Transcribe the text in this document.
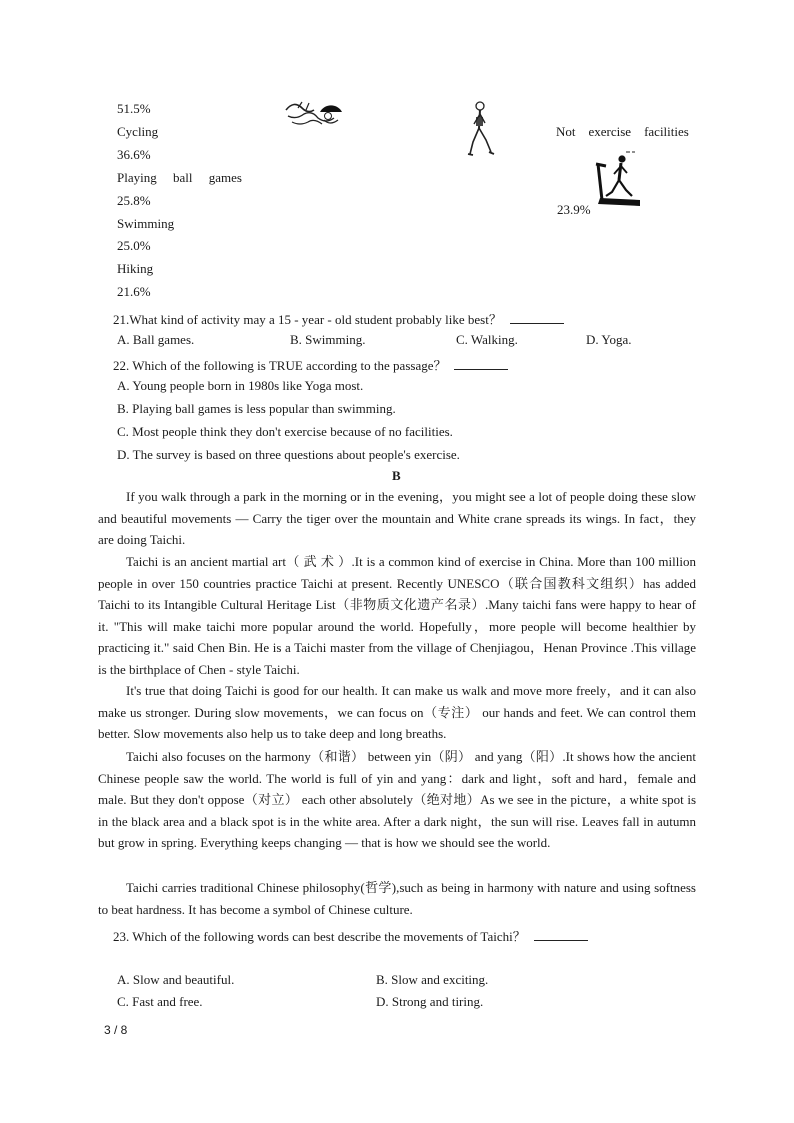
51.5%
Cycling
36.6%
Playing     ball     games
25.8%
Swimming
25.0%
Hiking
21.6%
Not    exercise    facilities
23.9%
21.What kind of activity may a 15 - year - old student probably like best？
A. Ball games.	B. Swimming.	C. Walking.	D. Yoga.
22. Which of the following is TRUE according to the passage？
A. Young people born in 1980s like Yoga most.
B. Playing ball games is less popular than swimming.
C. Most people think they don't exercise because of no facilities.
D. The survey is based on three questions about people's exercise.
B
If you walk through a park in the morning or in the evening，you might see a lot of people doing these slow and beautiful movements — Carry the tiger over the mountain and White crane spreads its wings. In fact，they are doing Taichi.
Taichi is an ancient martial art（ 武 术 ）.It is a common kind of exercise in China. More than 100 million people in over 150 countries practice Taichi at present. Recently UNESCO（联合国教科文组织）has added Taichi to its Intangible Cultural Heritage List（非物质文化遗产名录）.Many taichi fans were happy to hear of it. "This will make taichi more popular around the world. Hopefully，more people will become healthier by practicing it." said Chen Bin. He is a Taichi master from the village of Chenjiagou，Henan Province .This village is the birthplace of Chen - style Taichi.
It's true that doing Taichi is good for our health. It can make us walk and move more freely，and it can also make us stronger. During slow movements，we can focus on（专注） our hands and feet. We can control them better. Slow movements also help us to take deep and long breaths.
Taichi also focuses on the harmony（和谐） between yin（阴） and yang（阳）.It shows how the ancient Chinese people saw the world. The world is full of yin and yang：dark and light，soft and hard，female and male. But they don't oppose（对立） each other absolutely（绝对地）As we see in the picture，a white spot is in the black area and a black spot is in the white area. After a dark night，the sun will rise. Leaves fall in autumn but grow in spring. Everything keeps changing — that is how we should see the world.
Taichi carries traditional Chinese philosophy(哲学),such as being in harmony with nature and using softness to beat hardness. It has become a symbol of Chinese culture.
23. Which of the following words can best describe the movements of Taichi？
A. Slow and beautiful.	B. Slow and exciting.
C. Fast and free.	D. Strong and tiring.
3 / 8
